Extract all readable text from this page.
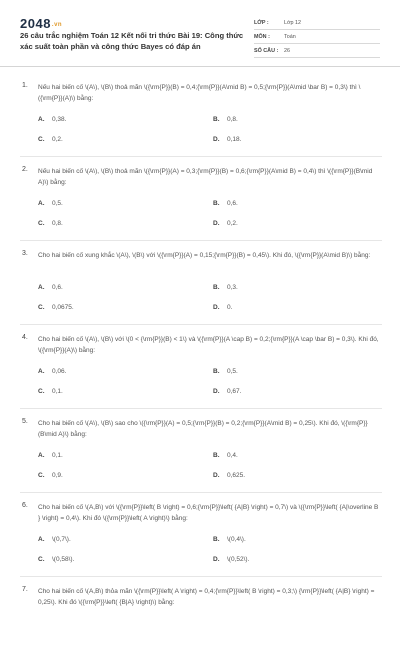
2048.vn
26 câu trắc nghiệm Toán 12 Kết nối tri thức Bài 19: Công thức xác suất toàn phần và công thức Bayes có đáp án
LỚP :	Lớp 12
MÔN :	Toán
SỐ CÂU :	26
1. Nếu hai biến cố \(A\), \(B\) thoả mãn \({\rm{P}}(B) = 0,4;{\rm{P}}(A\mid B) = 0,5;{\rm{P}}(A\mid \bar B) = 0,3\) thì \({\rm{P}}(A)\) bằng:
A. 0,38.	B. 0,8.
C. 0,2.	D. 0,18.
2. Nếu hai biến cố \(A\), \(B\) thoả mãn \({\rm{P}}(A) = 0,3;{\rm{P}}(B) = 0,6;{\rm{P}}(A\mid B) = 0,4\) thì \({\rm{P}}(B\mid A)\) bằng:
A. 0,5.	B. 0,6.
C. 0,8.	D. 0,2.
3. Cho hai biến cố xung khắc \(A\), \(B\) với \({\rm{P}}(A) = 0,15;{\rm{P}}(B) = 0,45\). Khi đó, \({\rm{P}}(A\mid B)\) bằng:
A. 0,6.	B. 0,3.
C. 0,0675.	D. 0.
4. Cho hai biến cố \(A\), \(B\) với \(0 < {\rm{P}}(B) < 1\) và \({\rm{P}}(A \cap B) = 0,2;{\rm{P}}(A \cap \bar B) = 0,3\). Khi đó, \({\rm{P}}(A)\) bằng:
A. 0,06.	B. 0,5.
C. 0,1.	D. 0,67.
5. Cho hai biến cố \(A\), \(B\) sao cho \({\rm{P}}(A) = 0,5;{\rm{P}}(B) = 0,2;{\rm{P}}(A\mid B) = 0,25\). Khi đó, \({\rm{P}}(B\mid A)\) bằng:
A. 0,1.	B. 0,4.
C. 0,9.	D. 0,625.
6. Cho hai biến cố \(A,B\) với \({\rm{P}}\left( B \right) = 0,6;{\rm{P}}\left( {A|B} \right) = 0,7\) và \({\rm{P}}\left( {A|\overline B } \right) = 0,4\). Khi đó \({\rm{P}}\left( A \right)\) bằng:
A. \(0,7\).	B. \(0,4\).
C. \(0,58\).	D. \(0,52\).
7. Cho hai biến cố \(A,B\) thỏa mãn \({\rm{P}}\left( A \right) = 0,4;{\rm{P}}\left( B \right) = 0,3;\) {\rm{P}}\left( {A|B} \right) = 0,25\). Khi đó \({\rm{P}}\left( {B|A} \right)\) bằng:
